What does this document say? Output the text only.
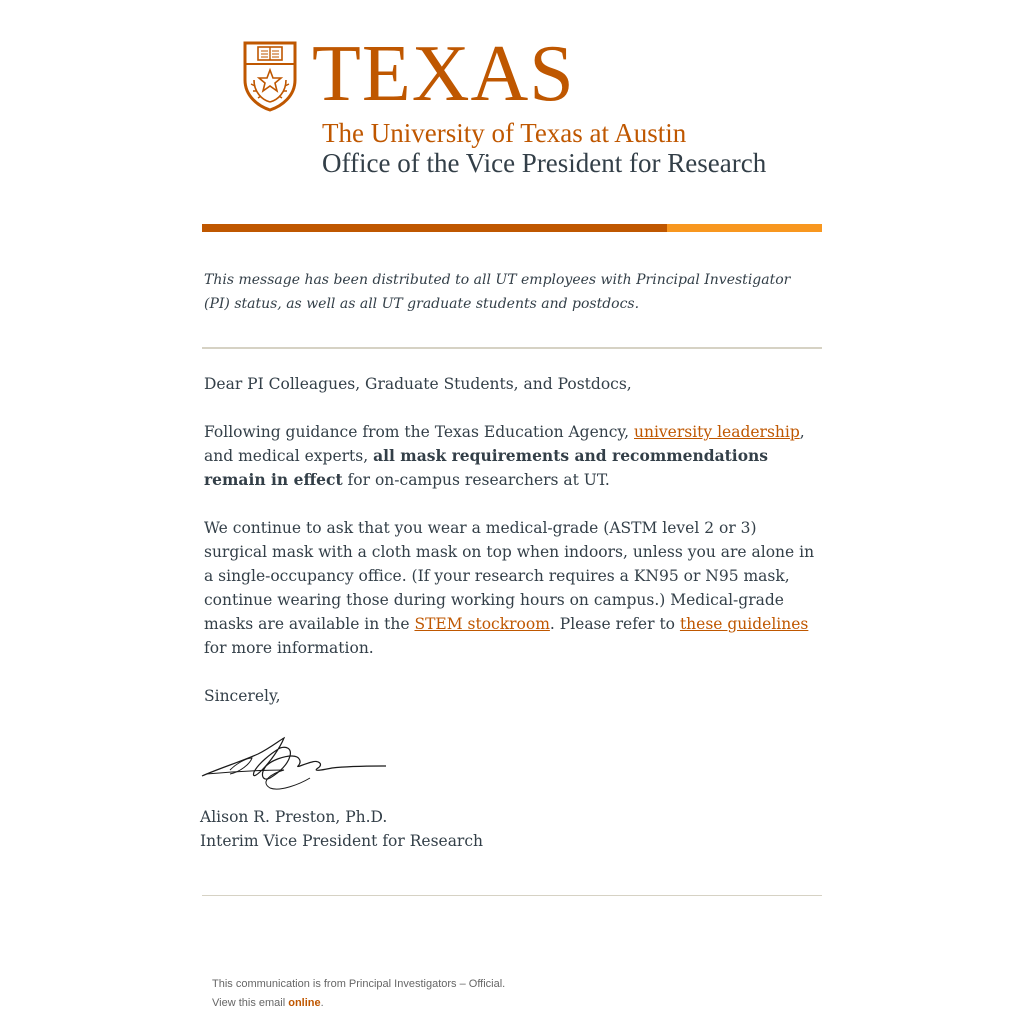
TEXAS
The University of Texas at Austin
Office of the Vice President for Research
This message has been distributed to all UT employees with Principal Investigator (PI) status, as well as all UT graduate students and postdocs.

Dear PI Colleagues, Graduate Students, and Postdocs,

Following guidance from the Texas Education Agency, university leadership, and medical experts, all mask requirements and recommendations remain in effect for on-campus researchers at UT.

We continue to ask that you wear a medical-grade (ASTM level 2 or 3) surgical mask with a cloth mask on top when indoors, unless you are alone in a single-occupancy office. (If your research requires a KN95 or N95 mask, continue wearing those during working hours on campus.) Medical-grade masks are available in the STEM stockroom. Please refer to these guidelines for more information.

Sincerely,
Alison R. Preston, Ph.D.
Interim Vice President for Research
This communication is from Principal Investigators – Official.
View this email online.
